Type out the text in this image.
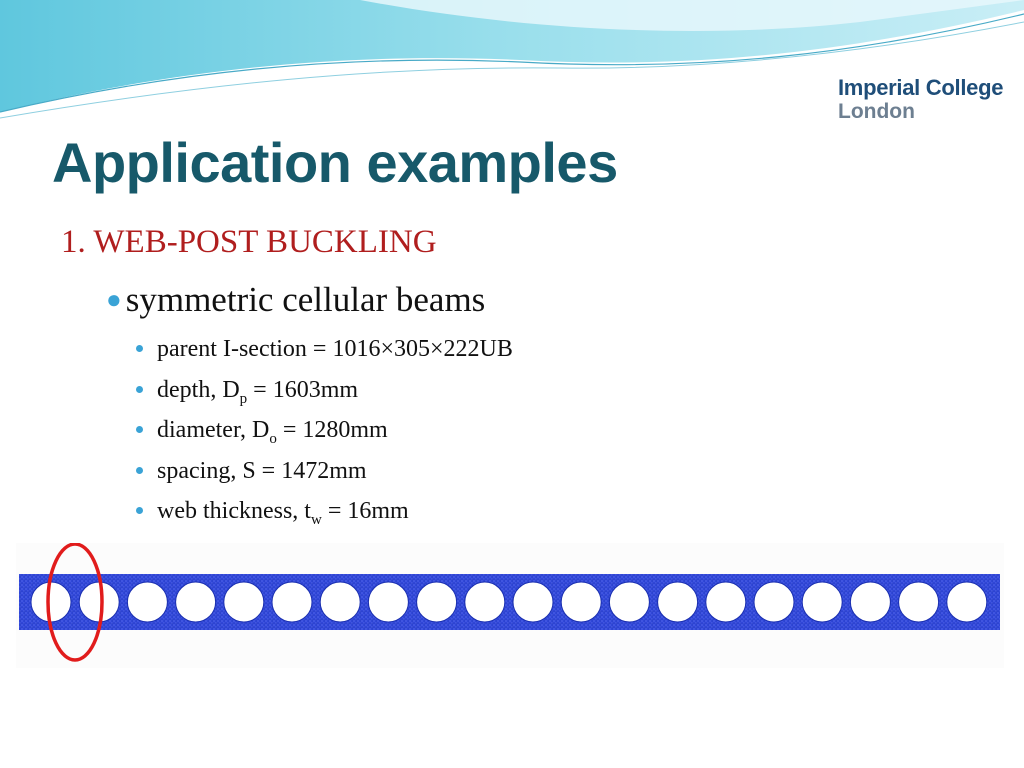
Imperial College
London
Application examples
1. WEB-POST BUCKLING
● symmetric cellular beams
parent I-section = 1016×305×222UB
depth, $D_p = 1603mm$
diameter, $D_o = 1280mm$
spacing, S = 1472mm
web thickness, $t_w = 16mm$
